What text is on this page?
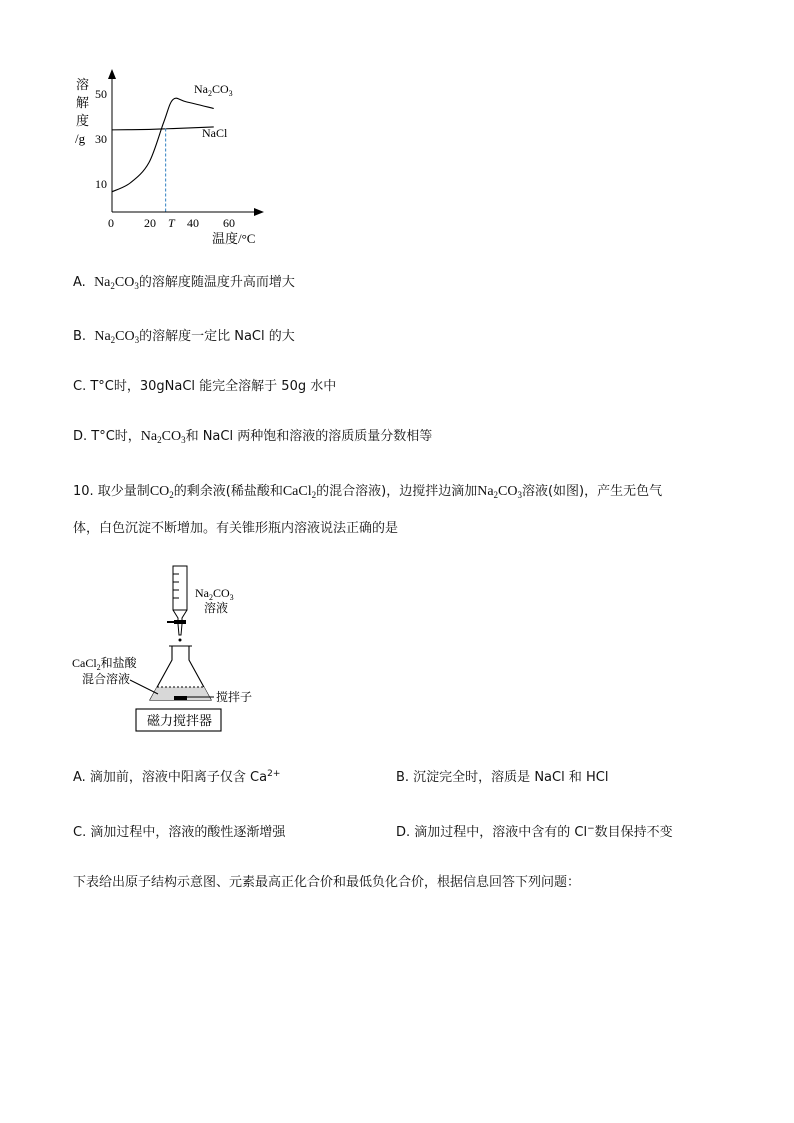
溶
解
度
/g
50
30
10
0	20 T 40 60
温度/°C
$Na_2CO_3$
NaCl
A. $Na_2CO_3$的溶解度随温度升高而增大
B. $Na_2CO_3$的溶解度一定比 NaCl 的大
C. T°C时，30gNaCl 能完全溶解于 50g 水中
D. T°C时，$Na_2CO_3$和 NaCl 两种饱和溶液的溶质质量分数相等
10. 取少量制$CO_2$的剩余液(稀盐酸和CaCl$_2$的混合溶液)，边搅拌边滴加$Na_2CO_3$溶液(如图)，产生无色气
体，白色沉淀不断增加。有关锥形瓶内溶液说法正确的是
$Na_2CO_3$
溶液
CaCl$_2$和盐酸
混合溶液
搅拌子
磁力搅拌器
A. 滴加前，溶液中阳离子仅含 $Ca^{2+}$	B. 沉淀完全时，溶质是 NaCl 和 HCl
C. 滴加过程中，溶液的酸性逐渐增强	D. 滴加过程中，溶液中含有的 Cl−数目保持不变
下表给出原子结构示意图、元素最高正化合价和最低负化合价，根据信息回答下列问题：
